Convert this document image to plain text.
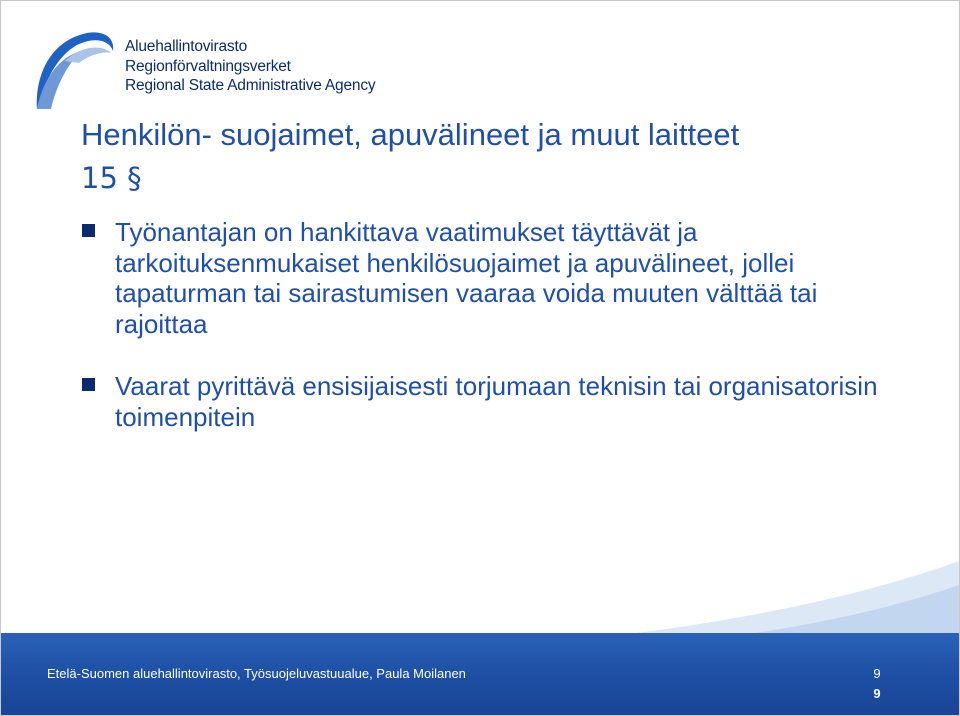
Aluehallintovirasto
Regionförvaltningsverket
Regional State Administrative Agency
Henkilön- suojaimet, apuvälineet ja muut laitteet
15 §
Työnantajan on hankittava vaatimukset täyttävät ja tarkoituksenmukaiset henkilösuojaimet ja apuvälineet, jollei tapaturman tai sairastumisen vaaraa voida muuten välttää tai rajoittaa
Vaarat pyrittävä ensisijaisesti torjumaan teknisin tai organisatorisin toimenpitein
Etelä-Suomen aluehallintovirasto, Työsuojeluvastuualue, Paula Moilanen	9
9
